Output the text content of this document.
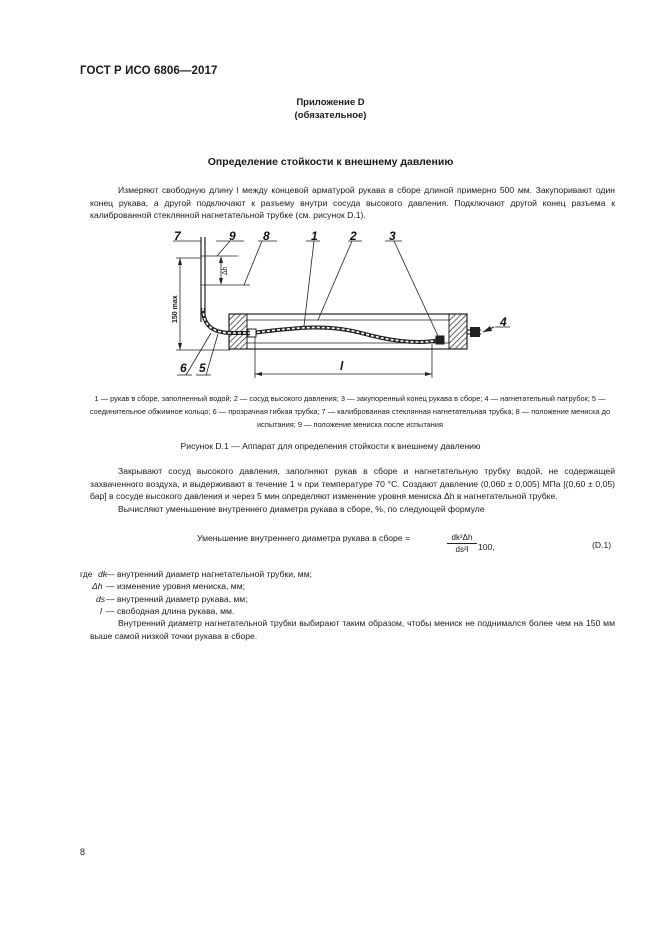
ГОСТ Р ИСО 6806—2017
Приложение D
(обязательное)
Определение стойкости к внешнему давлению

Измеряют свободную длину l между концевой арматурой рукава в сборе длиной примерно 500 мм. Закупоривают один конец рукава, а другой подключают к разъему внутри сосуда высокого давления. Подключают другой конец разъема к калиброванной стеклянной нагнетательной трубке (см. рисунок D.1).

Δh
150 max
l
7	9 8	1	2	3
4
6 5
1 — рукав в сборе, заполненный водой; 2 — сосуд высокого давления; 3 — закупоренный конец рукава в сборе; 4 — нагнетательный патрубок; 5 — соединительное обжимное кольцо; 6 — прозрачная гибкая трубка; 7 — калиброванная стеклянная нагнетательная трубка; 8 — положение мениска до испытания; 9 — положение мениска после испытания
Рисунок D.1 — Аппарат для определения стойкости к внешнему давлению

Закрывают сосуд высокого давления, заполняют рукав в сборе и нагнетательную трубку водой, не содержащей захваченного воздуха, и выдерживают в течение 1 ч при температуре 70 °С. Создают давление (0,060 ± 0,005) МПа [(0,60 ± 0,05) бар] в сосуде высокого давления и через 5 мин определяют изменение уровня мениска Δh в нагнетательной трубке.

Вычисляют уменьшение внутреннего диаметра рукава в сборе, %, по следующей формуле

Уменьшение внутреннего диаметра рукава в сборе =	$\frac{\text{dk²Δh}}{\text{ds²l}} 100$,	(D.1)
где dk
— внутренний диаметр нагнетательной трубки, мм;
Δh — изменение уровня мениска, мм;
ds — внутренний диаметр рукава, мм;
l — свободная длина рукава, мм.

Внутренний диаметр нагнетательной трубки выбирают таким образом, чтобы мениск не поднимался более чем на 150 мм выше самой низкой точки рукава в сборе.

8
